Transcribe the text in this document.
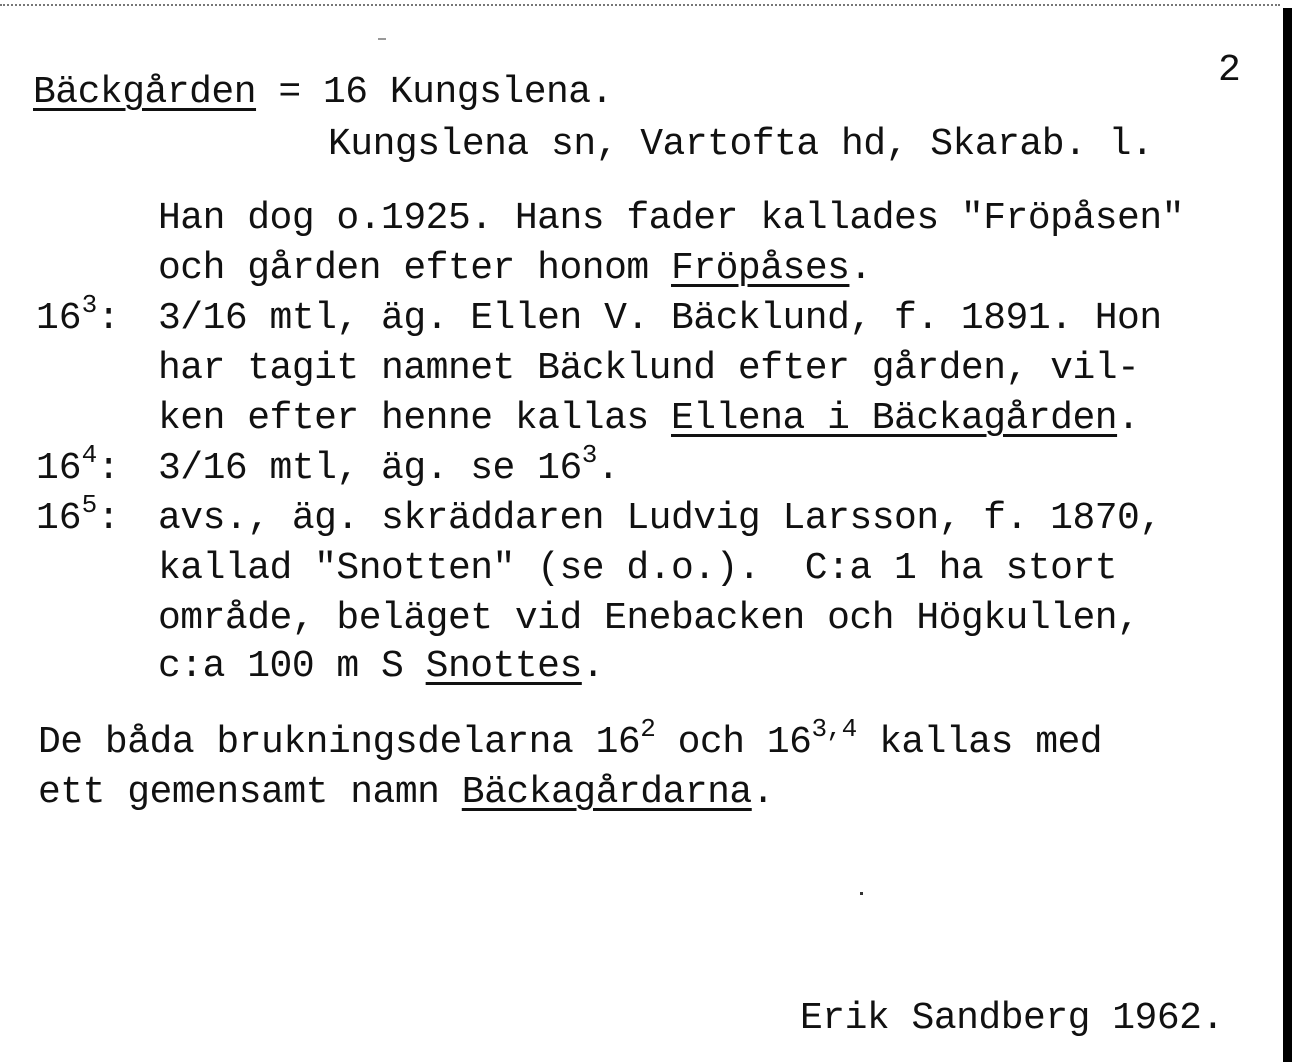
2
Bäckgården = 16 Kungslena.
Kungslena sn, Vartofta hd, Skarab. l.
Han dog o.1925. Hans fader kallades "Fröpåsen"
och gården efter honom Fröpåses.
$16^3$: 3/16 mtl, äg. Ellen V. Bäcklund, f. 1891. Hon
har tagit namnet Bäcklund efter gården, vil-
ken efter henne kallas Ellena i Bäckagården.
$16^4$: 3/16 mtl, äg. se $16^3$.
$16^5$: avs., äg. skräddaren Ludvig Larsson, f. 1870,
kallad "Snotten" (se d.o.).  C:a 1 ha stort
område, beläget vid Enebacken och Högkullen,
c:a 100 m S Snottes.
De båda brukningsdelarna $16^2$ och 16$^{3,4}$ kallas med
ett gemensamt namn Bäckagårdarna.
Erik Sandberg 1962.
